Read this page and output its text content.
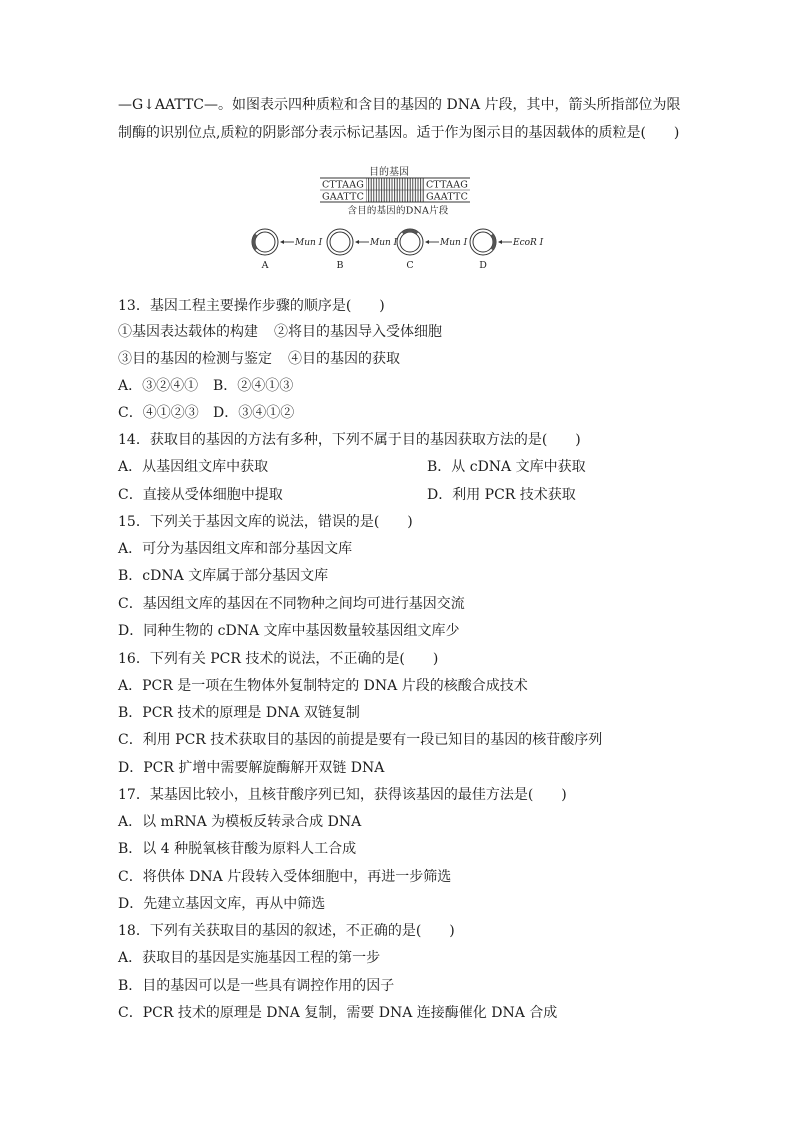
—G↓AATTC—。如图表示四种质粒和含目的基因的 DNA 片段，其中，箭头所指部位为限
制酶的识别位点,质粒的阴影部分表示标记基因。适于作为图示目的基因载体的质粒是(　　)
目的基因
CTTAAG	CTTAAG
GAATTC	GAATTC
含目的基因的DNA片段
Mun Ⅰ
A
Mun Ⅰ
B
Mun Ⅰ
C
EcoR Ⅰ
D
13．基因工程主要操作步骤的顺序是(　　)
①基因表达载体的构建 ②将目的基因导入受体细胞
③目的基因的检测与鉴定 ④目的基因的获取
A．③②④① B．②④①③
C．④①②③ D．③④①②
14．获取目的基因的方法有多种，下列不属于目的基因获取方法的是(　　)
A．从基因组文库中获取	B．从 cDNA 文库中获取
C．直接从受体细胞中提取	D．利用 PCR 技术获取
15．下列关于基因文库的说法，错误的是(　　)
A．可分为基因组文库和部分基因文库
B．cDNA 文库属于部分基因文库
C．基因组文库的基因在不同物种之间均可进行基因交流
D．同种生物的 cDNA 文库中基因数量较基因组文库少
16．下列有关 PCR 技术的说法，不正确的是(　　)
A．PCR 是一项在生物体外复制特定的 DNA 片段的核酸合成技术
B．PCR 技术的原理是 DNA 双链复制
C．利用 PCR 技术获取目的基因的前提是要有一段已知目的基因的核苷酸序列
D．PCR 扩增中需要解旋酶解开双链 DNA
17．某基因比较小，且核苷酸序列已知，获得该基因的最佳方法是(　　)
A．以 mRNA 为模板反转录合成 DNA
B．以 4 种脱氧核苷酸为原料人工合成
C．将供体 DNA 片段转入受体细胞中，再进一步筛选
D．先建立基因文库，再从中筛选
18．下列有关获取目的基因的叙述，不正确的是(　　)
A．获取目的基因是实施基因工程的第一步
B．目的基因可以是一些具有调控作用的因子
C．PCR 技术的原理是 DNA 复制，需要 DNA 连接酶催化 DNA 合成
